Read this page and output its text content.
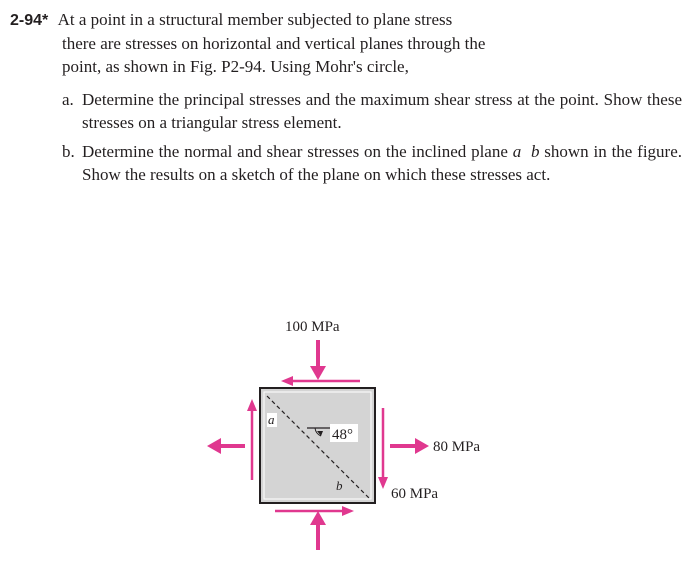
2-94* At a point in a structural member subjected to plane stress
there are stresses on horizontal and vertical planes through the
point, as shown in Fig. P2-94. Using Mohr's circle,

a. Determine the principal stresses and the maximum shear stress at the point. Show these stresses on a triangular stress element.
b. Determine the normal and shear stresses on the inclined plane a b shown in the figure. Show the results on a sketch of the plane on which these stresses act.
48°
a
b
100 MPa
80 MPa
60 MPa
